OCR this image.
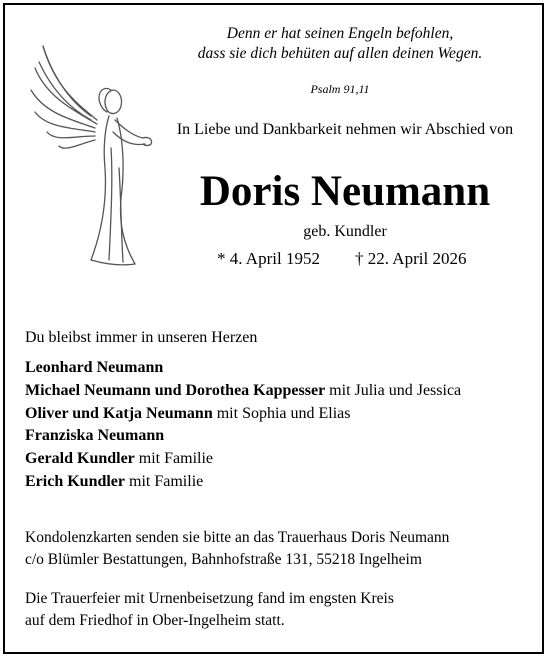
Denn er hat seinen Engeln befohlen,
dass sie dich behüten auf allen deinen Wegen.
Psalm 91,11
In Liebe und Dankbarkeit nehmen wir Abschied von
Doris Neumann
geb. Kundler
* 4. April 1952 † 22. April 2026
Du bleibst immer in unseren Herzen
Leonhard Neumann
Michael Neumann und Dorothea Kappesser mit Julia und Jessica
Oliver und Katja Neumann mit Sophia und Elias
Franziska Neumann
Gerald Kundler mit Familie
Erich Kundler mit Familie
Kondolenzkarten senden sie bitte an das Trauerhaus Doris Neumann
c/o Blümler Bestattungen, Bahnhofstraße 131, 55218 Ingelheim
Die Trauerfeier mit Urnenbeisetzung fand im engsten Kreis
auf dem Friedhof in Ober-Ingelheim statt.
